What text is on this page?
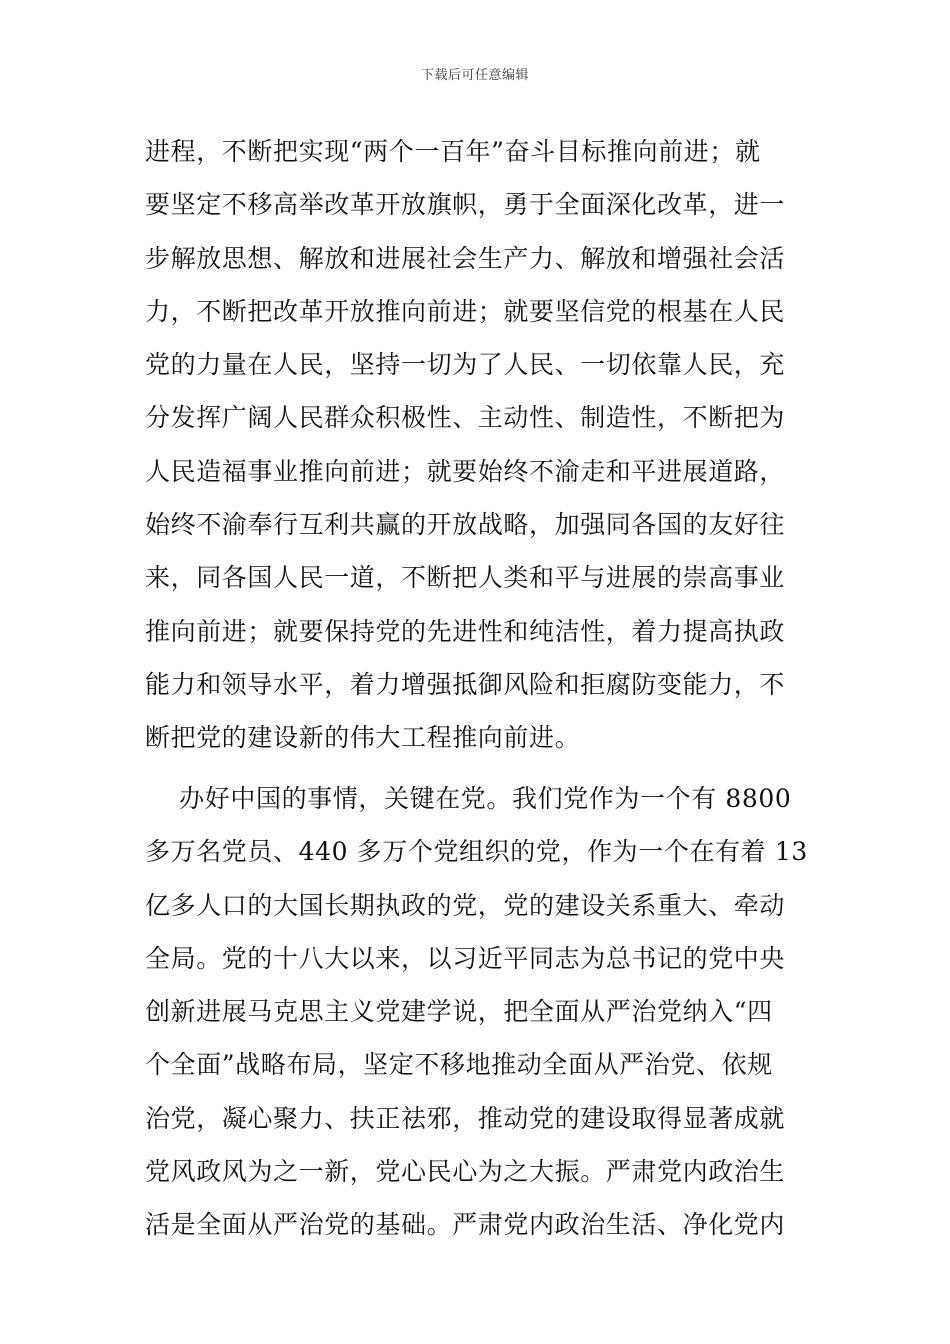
下载后可任意编辑
进程，不断把实现“两个一百年”奋斗目标推向前进；就
要坚定不移高举改革开放旗帜，勇于全面深化改革，进一
步解放思想、解放和进展社会生产力、解放和增强社会活
力，不断把改革开放推向前进；就要坚信党的根基在人民
党的力量在人民，坚持一切为了人民、一切依靠人民，充
分发挥广阔人民群众积极性、主动性、制造性，不断把为
人民造福事业推向前进；就要始终不渝走和平进展道路，
始终不渝奉行互利共赢的开放战略，加强同各国的友好往
来，同各国人民一道，不断把人类和平与进展的崇高事业
推向前进；就要保持党的先进性和纯洁性，着力提高执政
能力和领导水平，着力增强抵御风险和拒腐防变能力，不
断把党的建设新的伟大工程推向前进。
办好中国的事情，关键在党。我们党作为一个有 8800
多万名党员、440 多万个党组织的党，作为一个在有着 13
亿多人口的大国长期执政的党，党的建设关系重大、牵动
全局。党的十八大以来，以习近平同志为总书记的党中央
创新进展马克思主义党建学说，把全面从严治党纳入“四
个全面”战略布局，坚定不移地推动全面从严治党、依规
治党，凝心聚力、扶正祛邪，推动党的建设取得显著成就
党风政风为之一新，党心民心为之大振。严肃党内政治生
活是全面从严治党的基础。严肃党内政治生活、净化党内
